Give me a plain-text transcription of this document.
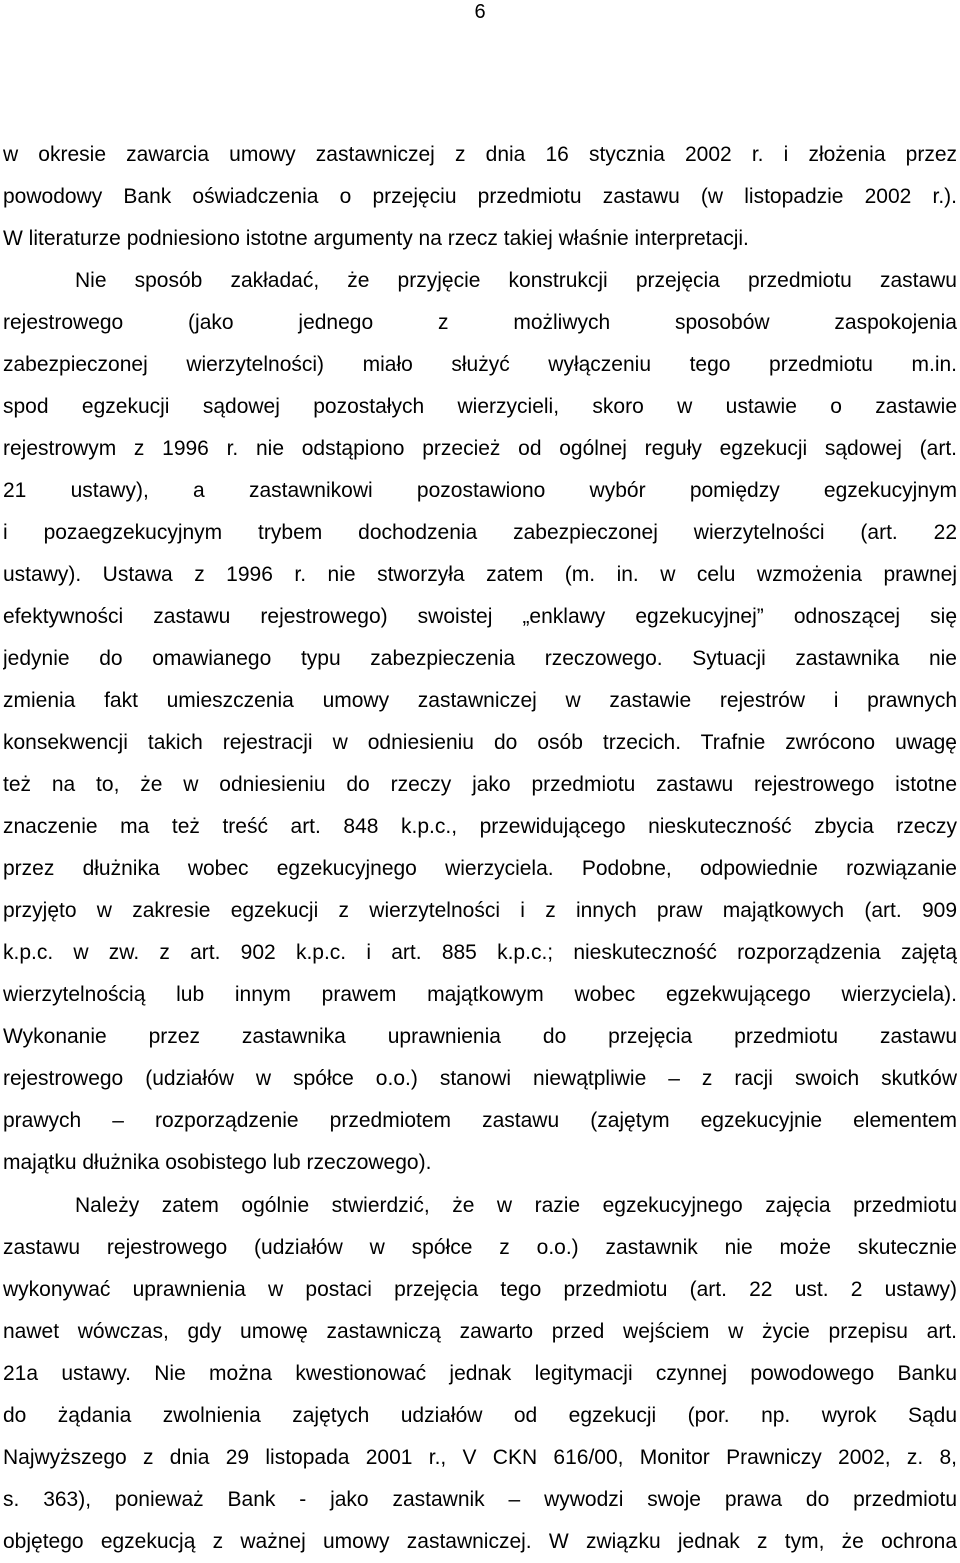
6
w okresie zawarcia umowy zastawniczej z dnia 16 stycznia 2002 r. i złożenia przez
powodowy Bank oświadczenia o przejęciu przedmiotu zastawu (w listopadzie 2002 r.).
W literaturze podniesiono istotne argumenty na rzecz takiej właśnie interpretacji.
Nie sposób zakładać, że przyjęcie konstrukcji przejęcia przedmiotu zastawu
rejestrowego (jako jednego z możliwych sposobów zaspokojenia
zabezpieczonej wierzytelności) miało służyć wyłączeniu tego przedmiotu m.in.
spod egzekucji sądowej pozostałych wierzycieli, skoro w ustawie o zastawie
rejestrowym z 1996 r. nie odstąpiono przecież od ogólnej reguły egzekucji sądowej (art.
21 ustawy), a zastawnikowi pozostawiono wybór pomiędzy egzekucyjnym
i pozaegzekucyjnym trybem dochodzenia zabezpieczonej wierzytelności (art. 22
ustawy). Ustawa z 1996 r. nie stworzyła zatem (m. in. w celu wzmożenia prawnej
efektywności zastawu rejestrowego) swoistej „enklawy egzekucyjnej” odnoszącej się
jedynie do omawianego typu zabezpieczenia rzeczowego. Sytuacji zastawnika nie
zmienia fakt umieszczenia umowy zastawniczej w zastawie rejestrów i prawnych
konsekwencji takich rejestracji w odniesieniu do osób trzecich. Trafnie zwrócono uwagę
też na to, że w odniesieniu do rzeczy jako przedmiotu zastawu rejestrowego istotne
znaczenie ma też treść art. 848 k.p.c., przewidującego nieskuteczność zbycia rzeczy
przez dłużnika wobec egzekucyjnego wierzyciela. Podobne, odpowiednie rozwiązanie
przyjęto w zakresie egzekucji z wierzytelności i z innych praw majątkowych (art. 909
k.p.c. w zw. z art. 902 k.p.c. i art. 885 k.p.c.; nieskuteczność rozporządzenia zajętą
wierzytelnością lub innym prawem majątkowym wobec egzekwującego wierzyciela).
Wykonanie przez zastawnika uprawnienia do przejęcia przedmiotu zastawu
rejestrowego (udziałów w spółce o.o.) stanowi niewątpliwie – z racji swoich skutków
prawych – rozporządzenie przedmiotem zastawu (zajętym egzekucyjnie elementem
majątku dłużnika osobistego lub rzeczowego).
Należy zatem ogólnie stwierdzić, że w razie egzekucyjnego zajęcia przedmiotu
zastawu rejestrowego (udziałów w spółce z o.o.) zastawnik nie może skutecznie
wykonywać uprawnienia w postaci przejęcia tego przedmiotu (art. 22 ust. 2 ustawy)
nawet wówczas, gdy umowę zastawniczą zawarto przed wejściem w życie przepisu art.
21a ustawy. Nie można kwestionować jednak legitymacji czynnej powodowego Banku
do żądania zwolnienia zajętych udziałów od egzekucji (por. np. wyrok Sądu
Najwyższego z dnia 29 listopada 2001 r., V CKN 616/00, Monitor Prawniczy 2002, z. 8,
s. 363), ponieważ Bank - jako zastawnik – wywodzi swoje prawa do przedmiotu
objętego egzekucją z ważnej umowy zastawniczej. W związku jednak z tym, że ochrona
